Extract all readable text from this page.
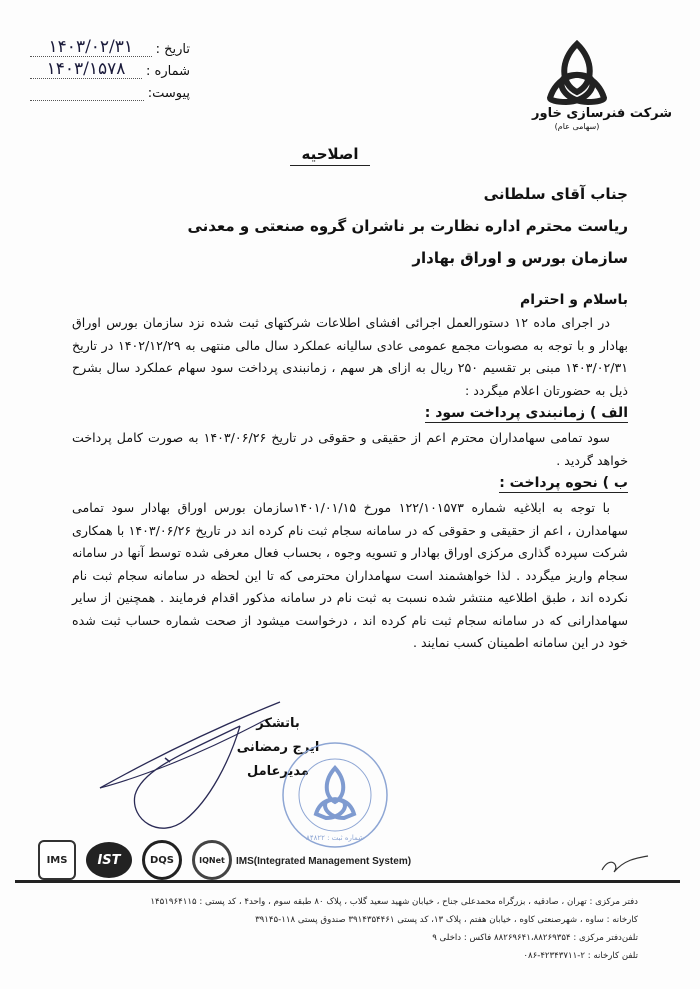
تاریخ :
۱۴۰۳/۰۲/۳۱
شماره :
۱۴۰۳/۱۵۷۸
پیوست:
شرکت فنرسازی خاور
(سهامی عام)
اصلاحیه
جناب آقای سلطانی
ریاست محترم اداره نظارت بر ناشران گروه صنعتی و معدنی
سازمان بورس و اوراق بهادار
باسلام و احترام

در اجرای ماده ۱۲ دستورالعمل اجرائی افشای اطلاعات شرکتهای ثبت شده نزد سازمان بورس اوراق بهادار و با توجه به مصوبات مجمع عمومی عادی سالیانه عملکرد سال مالی منتهی به ۱۴۰۲/۱۲/۲۹ در تاریخ ۱۴۰۳/۰۲/۳۱ مبنی بر تقسیم ۲۵۰ ریال به ازای هر سهم ، زمانبندی پرداخت سود سهام عملکرد سال بشرح ذیل به حضورتان اعلام میگردد :

الف ) زمانبندی پرداخت سود :

سود تمامی سهامداران محترم اعم از حقیقی و حقوقی در تاریخ ۱۴۰۳/۰۶/۲۶ به صورت کامل پرداخت خواهد گردید .

ب ) نحوه پرداخت :

با توجه به ابلاغیه شماره ۱۲۲/۱۰۱۵۷۳ مورخ ۱۴۰۱/۰۱/۱۵سازمان بورس اوراق بهادار سود تمامی سهامدارن ، اعم از حقیقی و حقوقی که در سامانه سجام ثبت نام کرده اند در تاریخ ۱۴۰۳/۰۶/۲۶ با همکاری شرکت سپرده گذاری مرکزی اوراق بهادار و تسویه وجوه ، بحساب فعال معرفی شده توسط آنها در سامانه سجام واریز میگردد . لذا خواهشمند است سهامداران محترمی که تا این لحظه در سامانه سجام ثبت نام نکرده اند ، طبق اطلاعیه منتشر شده نسبت به ثبت نام در سامانه مذکور اقدام فرمایند . همچنین از سایر سهامدارانی که در سامانه سجام ثبت نام کرده اند ، درخواست میشود از صحت شماره حساب ثبت شده خود در این سامانه اطمینان کسب نمایند .

باتشکر
ایرج رمضانی
مدیرعامل
شماره ثبت : ۸۴۸۲۲
IMS	IST	DQS	IQNet	IMS(Integrated Management System)
دفتر مرکزی : تهران ، صادقیه ، بزرگراه محمدعلی جناح ، خیابان شهید سعید گلاب ، پلاک ۸۰ طبقه سوم ، واحد۴ ، کد پستی : ۱۴۵۱۹۶۴۱۱۵
کارخانه : ساوه ، شهرصنعتی کاوه ، خیابان هفتم ، پلاک ۱۳، کد پستی ۳۹۱۴۳۵۴۴۶۱ صندوق پستی ۱۱۸-۳۹۱۴۵
تلفن‌دفتر مرکزی : ۸۸۲۶۹۶۴۱،۸۸۲۶۹۳۵۴ فاکس : داخلی ۹
تلفن کارخانه : ۲-۴۲۳۴۳۷۱۱-۰۸۶
